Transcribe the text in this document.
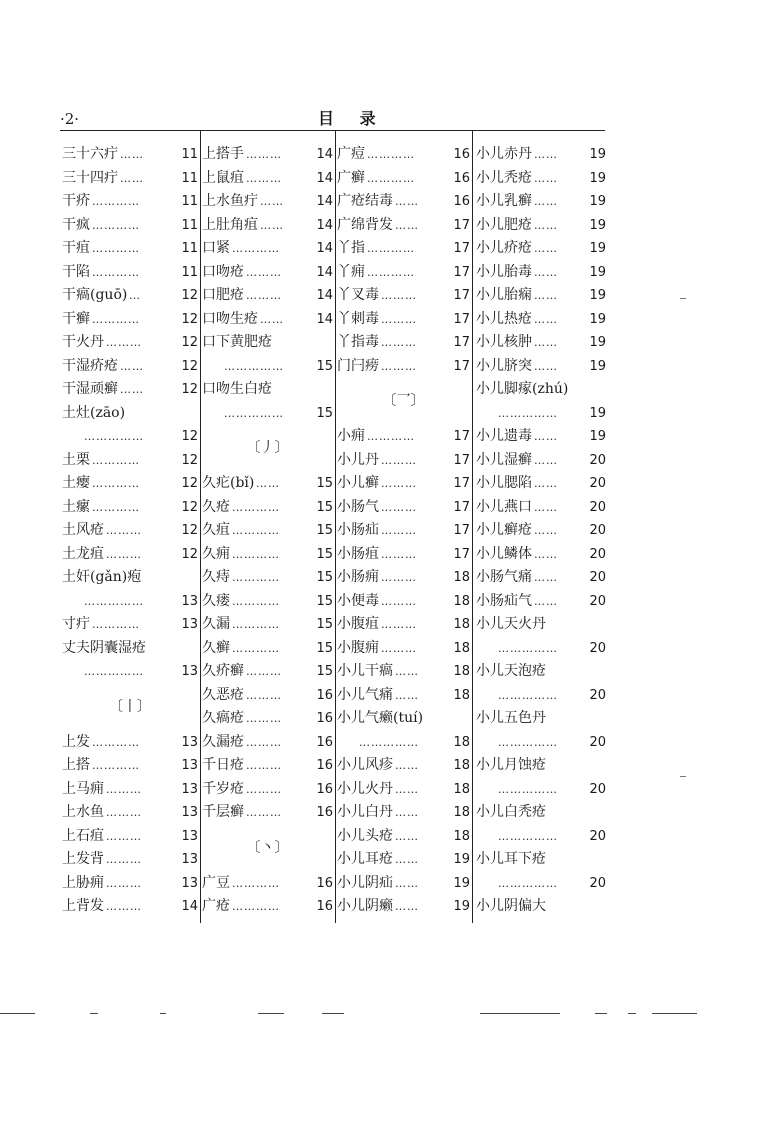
·2·	目 录
三十六疔 ……	11
三十四疔 ……	11
干疥 …………	11
干疯 …………	11
干疽 …………	11
干陷 …………	11
干瘑(guō) …	12
干癣 …………	12
干火丹 ………	12
干湿疥疮 ……	12
干湿顽癣 ……	12
土灶(zāo)
……………	12
土栗 …………	12
土瘿 …………	12
土瘰 …………	12
土风疮 ………	12
土龙疽 ………	12
土奸(gǎn)疱
……………	13
寸疔 …………	13
丈夫阴囊湿疮
……………	13
〔丨〕
上发 …………	13
上搭 …………	13
上马痈 ………	13
上水鱼 ………	13
上石疽 ………	13
上发背 ………	13
上胁痈 ………	13
上背发 ………	14
上搭手 ………	14
上鼠疽 ………	14
上水鱼疔 …… 14
上肚角疽 …… 14
口紧 …………	14
口吻疮 ………	14
口肥疮 ………	14
口吻生疮 …… 14
口下黄肥疮
…………… 15
口吻生白疮
…………… 15
〔丿〕
久疕(bǐ) ……	15
久疮 …………	15
久疽 …………	15
久痈 …………	15
久痔 …………	15
久瘘 …………	15
久漏 …………	15
久癣 …………	15
久疥癣 ………	15
久恶疮 ………	16
久瘑疮 ………	16
久漏疮 ………	16
千日疮 ………	16
千岁疮 ………	16
千层癣 ………	16
〔丶〕
广豆 …………	16
广疮 …………	16
广痘 …………	16
广癣 …………	16
广疮结毒 ……	16
广绵背发 ……	17
丫指 …………	17
丫痈 …………	17
丫叉毒 ………	17
丫刺毒 ………	17
丫指毒 ………	17
门闩痨 ………	17
〔乛〕
小痈 …………	17
小儿丹 ………	17
小儿癣 ………	17
小肠气 ………	17
小肠疝 ………	17
小肠疽 ………	17
小肠痈 ………	18
小便毒 ………	18
小腹疽 ………	18
小腹痈 ………	18
小儿干瘑 ……	18
小儿气痛 ……	18
小儿气癞(tuí)
……………	18
小儿风疹 ……	18
小儿火丹 ……	18
小儿白丹 ……	18
小儿头疮 ……	18
小儿耳疮 ……	19
小儿阴疝 ……	19
小儿阴癞 ……	19
小儿赤丹 …… 19
小儿秃疮 …… 19
小儿乳癣 …… 19
小儿肥疮 …… 19
小儿疥疮 …… 19
小儿胎毒 …… 19
小儿胎痫 …… 19
小儿热疮 …… 19
小儿核肿 …… 19
小儿脐突 …… 19
小儿脚瘃(zhú)
…………… 19
小儿遗毒 …… 19
小儿湿癣 …… 20
小儿腮陷 …… 20
小儿燕口 …… 20
小儿癣疮 …… 20
小儿鳞体 …… 20
小肠气痛 …… 20
小肠疝气 …… 20
小儿天火丹
…………… 20
小儿天泡疮
…………… 20
小儿五色丹
…………… 20
小儿月蚀疮
…………… 20
小儿白秃疮
…………… 20
小儿耳下疮
…………… 20
小儿阴偏大
